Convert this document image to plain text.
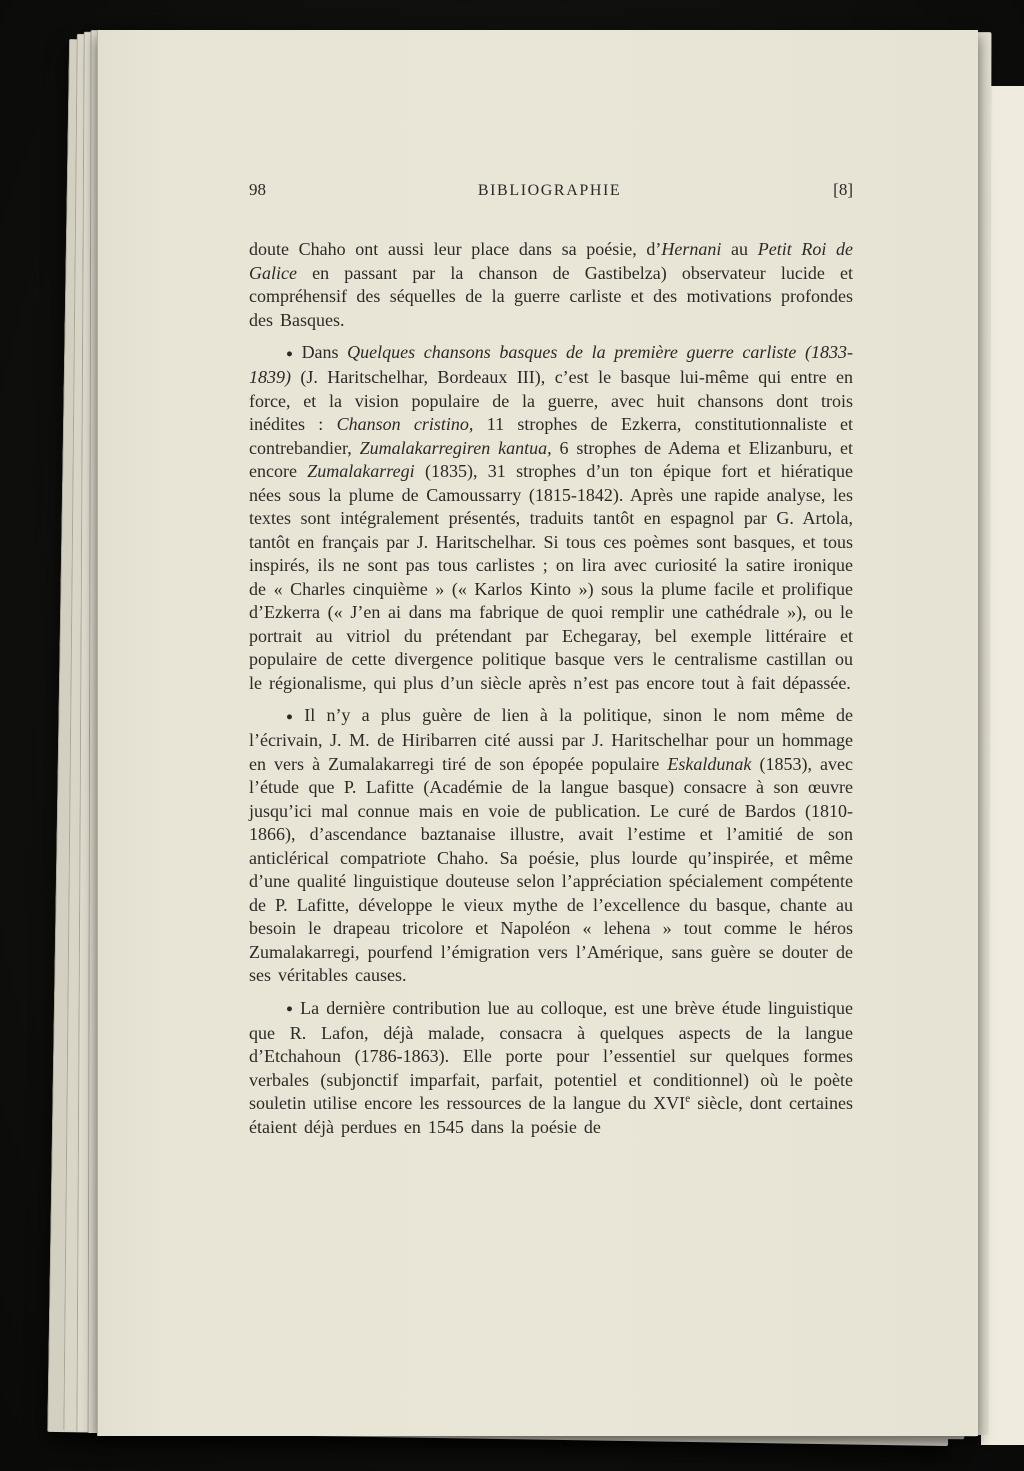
98	BIBLIOGRAPHIE	[8]

doute Chaho ont aussi leur place dans sa poésie, d’Hernani au Petit Roi de Galice en passant par la chanson de Gastibelza) observateur lucide et compréhensif des séquelles de la guerre carliste et des motivations profondes des Basques.

● Dans Quelques chansons basques de la première guerre carliste (1833-1839) (J. Haritschelhar, Bordeaux III), c’est le basque lui-même qui entre en force, et la vision populaire de la guerre, avec huit chansons dont trois inédites : Chanson cristino, 11 strophes de Ezkerra, constitutionnaliste et contrebandier, Zumalakarregiren kantua, 6 strophes de Adema et Elizanburu, et encore Zumalakarregi (1835), 31 strophes d’un ton épique fort et hiératique nées sous la plume de Camoussarry (1815-1842). Après une rapide analyse, les textes sont intégralement présentés, traduits tantôt en espagnol par G. Artola, tantôt en français par J. Haritschelhar. Si tous ces poèmes sont basques, et tous inspirés, ils ne sont pas tous carlistes ; on lira avec curiosité la satire ironique de « Charles cinquième » (« Karlos Kinto ») sous la plume facile et prolifique d’Ezkerra (« J’en ai dans ma fabrique de quoi remplir une cathédrale »), ou le portrait au vitriol du prétendant par Echegaray, bel exemple littéraire et populaire de cette divergence politique basque vers le centralisme castillan ou le régionalisme, qui plus d’un siècle après n’est pas encore tout à fait dépassée.

● Il n’y a plus guère de lien à la politique, sinon le nom même de l’écrivain, J. M. de Hiribarren cité aussi par J. Haritschelhar pour un hommage en vers à Zumalakarregi tiré de son épopée populaire Eskaldunak (1853), avec l’étude que P. Lafitte (Académie de la langue basque) consacre à son œuvre jusqu’ici mal connue mais en voie de publication. Le curé de Bardos (1810-1866), d’ascendance baztanaise illustre, avait l’estime et l’amitié de son anticlérical compatriote Chaho. Sa poésie, plus lourde qu’inspirée, et même d’une qualité linguistique douteuse selon l’appréciation spécialement compétente de P. Lafitte, développe le vieux mythe de l’excellence du basque, chante au besoin le drapeau tricolore et Napoléon « lehena » tout comme le héros Zumalakarregi, pourfend l’émigration vers l’Amérique, sans guère se douter de ses véritables causes.

● La dernière contribution lue au colloque, est une brève étude linguistique que R. Lafon, déjà malade, consacra à quelques aspects de la langue d’Etchahoun (1786-1863). Elle porte pour l’essentiel sur quelques formes verbales (subjonctif imparfait, parfait, potentiel et conditionnel) où le poète souletin utilise encore les ressources de la langue du XVIe siècle, dont certaines étaient déjà perdues en 1545 dans la poésie de
